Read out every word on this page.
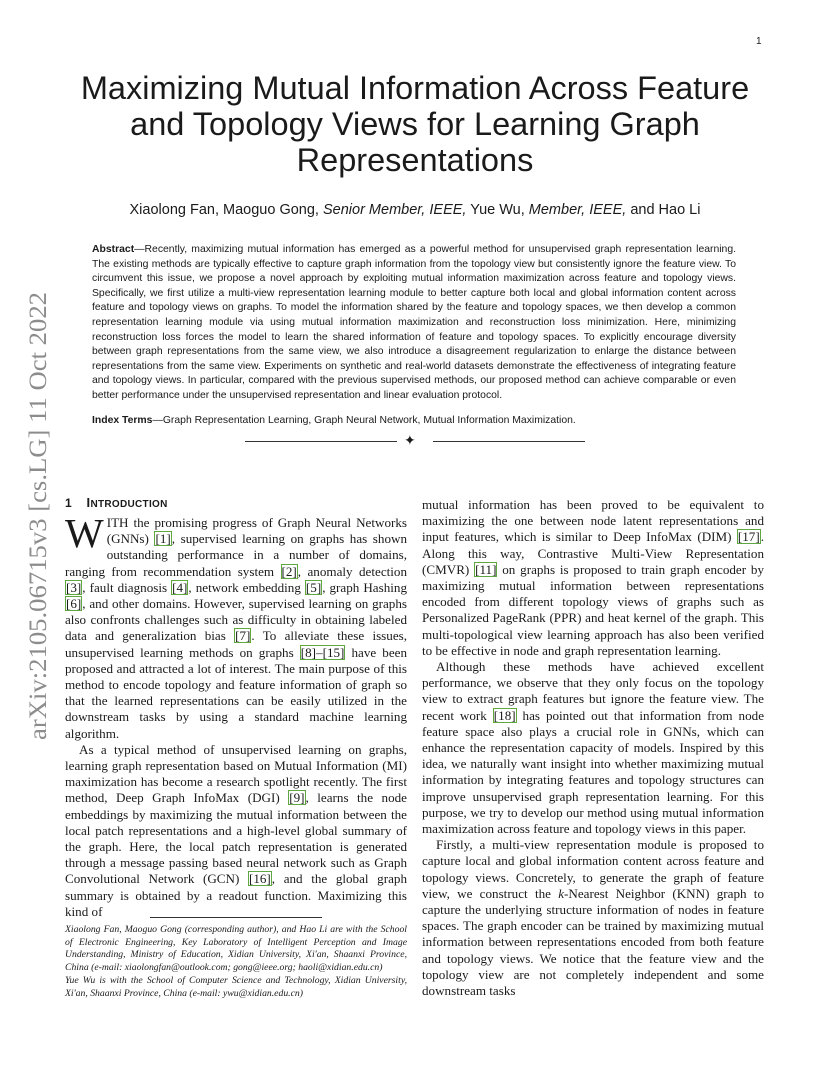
1
arXiv:2105.06715v3 [cs.LG] 11 Oct 2022
Maximizing Mutual Information Across Feature and Topology Views for Learning Graph Representations
Xiaolong Fan, Maoguo Gong, Senior Member, IEEE, Yue Wu, Member, IEEE, and Hao Li

Abstract—Recently, maximizing mutual information has emerged as a powerful method for unsupervised graph representation learning. The existing methods are typically effective to capture graph information from the topology view but consistently ignore the feature view. To circumvent this issue, we propose a novel approach by exploiting mutual information maximization across feature and topology views. Specifically, we first utilize a multi-view representation learning module to better capture both local and global information content across feature and topology views on graphs. To model the information shared by the feature and topology spaces, we then develop a common representation learning module via using mutual information maximization and reconstruction loss minimization. Here, minimizing reconstruction loss forces the model to learn the shared information of feature and topology spaces. To explicitly encourage diversity between graph representations from the same view, we also introduce a disagreement regularization to enlarge the distance between representations from the same view. Experiments on synthetic and real-world datasets demonstrate the effectiveness of integrating feature and topology views. In particular, compared with the previous supervised methods, our proposed method can achieve comparable or even better performance under the unsupervised representation and linear evaluation protocol.

Index Terms—Graph Representation Learning, Graph Neural Network, Mutual Information Maximization.

✦
1 INTRODUCTION

WITH the promising progress of Graph Neural Networks (GNNs) [1], supervised learning on graphs has shown outstanding performance in a number of domains, ranging from recommendation system [2], anomaly detection [3], fault diagnosis [4], network embedding [5], graph Hashing [6], and other domains. However, supervised learning on graphs also confronts challenges such as difficulty in obtaining labeled data and generalization bias [7]. To alleviate these issues, unsupervised learning methods on graphs [8]–[15] have been proposed and attracted a lot of interest. The main purpose of this method to encode topology and feature information of graph so that the learned representations can be easily utilized in the downstream tasks by using a standard machine learning algorithm.

As a typical method of unsupervised learning on graphs, learning graph representation based on Mutual Information (MI) maximization has become a research spotlight recently. The first method, Deep Graph InfoMax (DGI) [9], learns the node embeddings by maximizing the mutual information between the local patch representations and a high-level global summary of the graph. Here, the local patch representation is generated through a message passing based neural network such as Graph Convolutional Network (GCN) [16], and the global graph summary is obtained by a readout function. Maximizing this kind of

mutual information has been proved to be equivalent to maximizing the one between node latent representations and input features, which is similar to Deep InfoMax (DIM) [17]. Along this way, Contrastive Multi-View Representation (CMVR) [11] on graphs is proposed to train graph encoder by maximizing mutual information between representations encoded from different topology views of graphs such as Personalized PageRank (PPR) and heat kernel of the graph. This multi-topological view learning approach has also been verified to be effective in node and graph representation learning.

Although these methods have achieved excellent performance, we observe that they only focus on the topology view to extract graph features but ignore the feature view. The recent work [18] has pointed out that information from node feature space also plays a crucial role in GNNs, which can enhance the representation capacity of models. Inspired by this idea, we naturally want insight into whether maximizing mutual information by integrating features and topology structures can improve unsupervised graph representation learning. For this purpose, we try to develop our method using mutual information maximization across feature and topology views in this paper.

Firstly, a multi-view representation module is proposed to capture local and global information content across feature and topology views. Concretely, to generate the graph of feature view, we construct the k-Nearest Neighbor (KNN) graph to capture the underlying structure information of nodes in feature spaces. The graph encoder can be trained by maximizing mutual information between representations encoded from both feature and topology views. We notice that the feature view and the topology view are not completely independent and some downstream tasks

Xiaolong Fan, Maoguo Gong (corresponding author), and Hao Li are with the School of Electronic Engineering, Key Laboratory of Intelligent Perception and Image Understanding, Ministry of Education, Xidian University, Xi'an, Shaanxi Province, China (e-mail: xiaolongfan@outlook.com; gong@ieee.org; haoli@xidian.edu.cn)

Yue Wu is with the School of Computer Science and Technology, Xidian University, Xi'an, Shaanxi Province, China (e-mail: ywu@xidian.edu.cn)
